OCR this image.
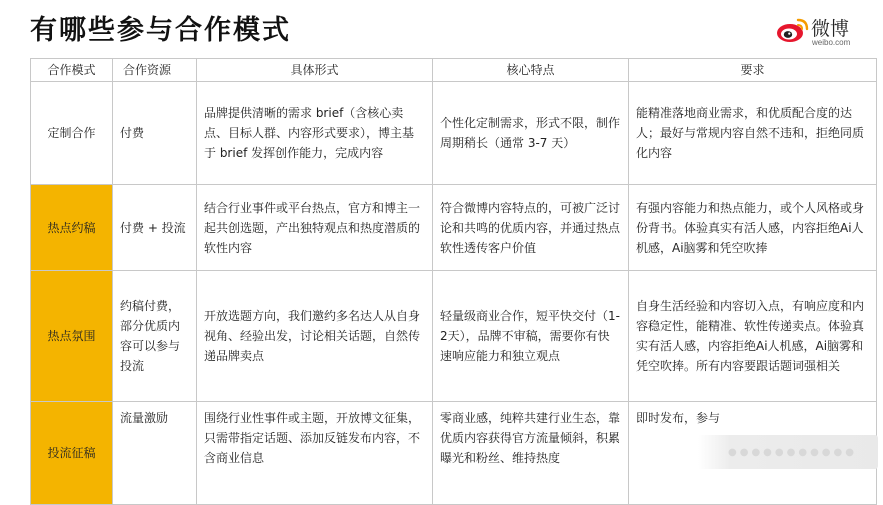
有哪些参与合作模式	微博
weibo.com
合作模式	合作资源	具体形式	核心特点	要求
定制合作	付费	品牌提供清晰的需求 brief（含核心卖点、目标人群、内容形式要求），博主基于 brief 发挥创作能力，完成内容	个性化定制需求，形式不限，制作周期稍长（通常 3-7 天）	能精准落地商业需求，和优质配合度的达人；最好与常规内容自然不违和，拒绝同质化内容
热点约稿	付费 + 投流	结合行业事件或平台热点，官方和博主一起共创选题，产出独特观点和热度潜质的软性内容	符合微博内容特点的，可被广泛讨论和共鸣的优质内容，并通过热点软性透传客户价值	有强内容能力和热点能力，或个人风格或身份背书。体验真实有活人感，内容拒绝Ai人机感，Ai脑雾和凭空吹捧
热点氛围	约稿付费，部分优质内容可以参与投流	开放选题方向，我们邀约多名达人从自身视角、经验出发，讨论相关话题，自然传递品牌卖点	轻量级商业合作，短平快交付（1-2天），品牌不审稿，需要你有快速响应能力和独立观点	自身生活经验和内容切入点，有响应度和内容稳定性，能精准、软性传递卖点。体验真实有活人感，内容拒绝Ai人机感，Ai脑雾和凭空吹捧。所有内容要跟话题词强相关
投流征稿	流量激励	围绕行业性事件或主题，开放博文征集，只需带指定话题、添加反链发布内容，不含商业信息	零商业感，纯粹共建行业生态，靠优质内容获得官方流量倾斜，积累曝光和粉丝、维持热度	即时发布，参与
●●●●●●●●●●●
